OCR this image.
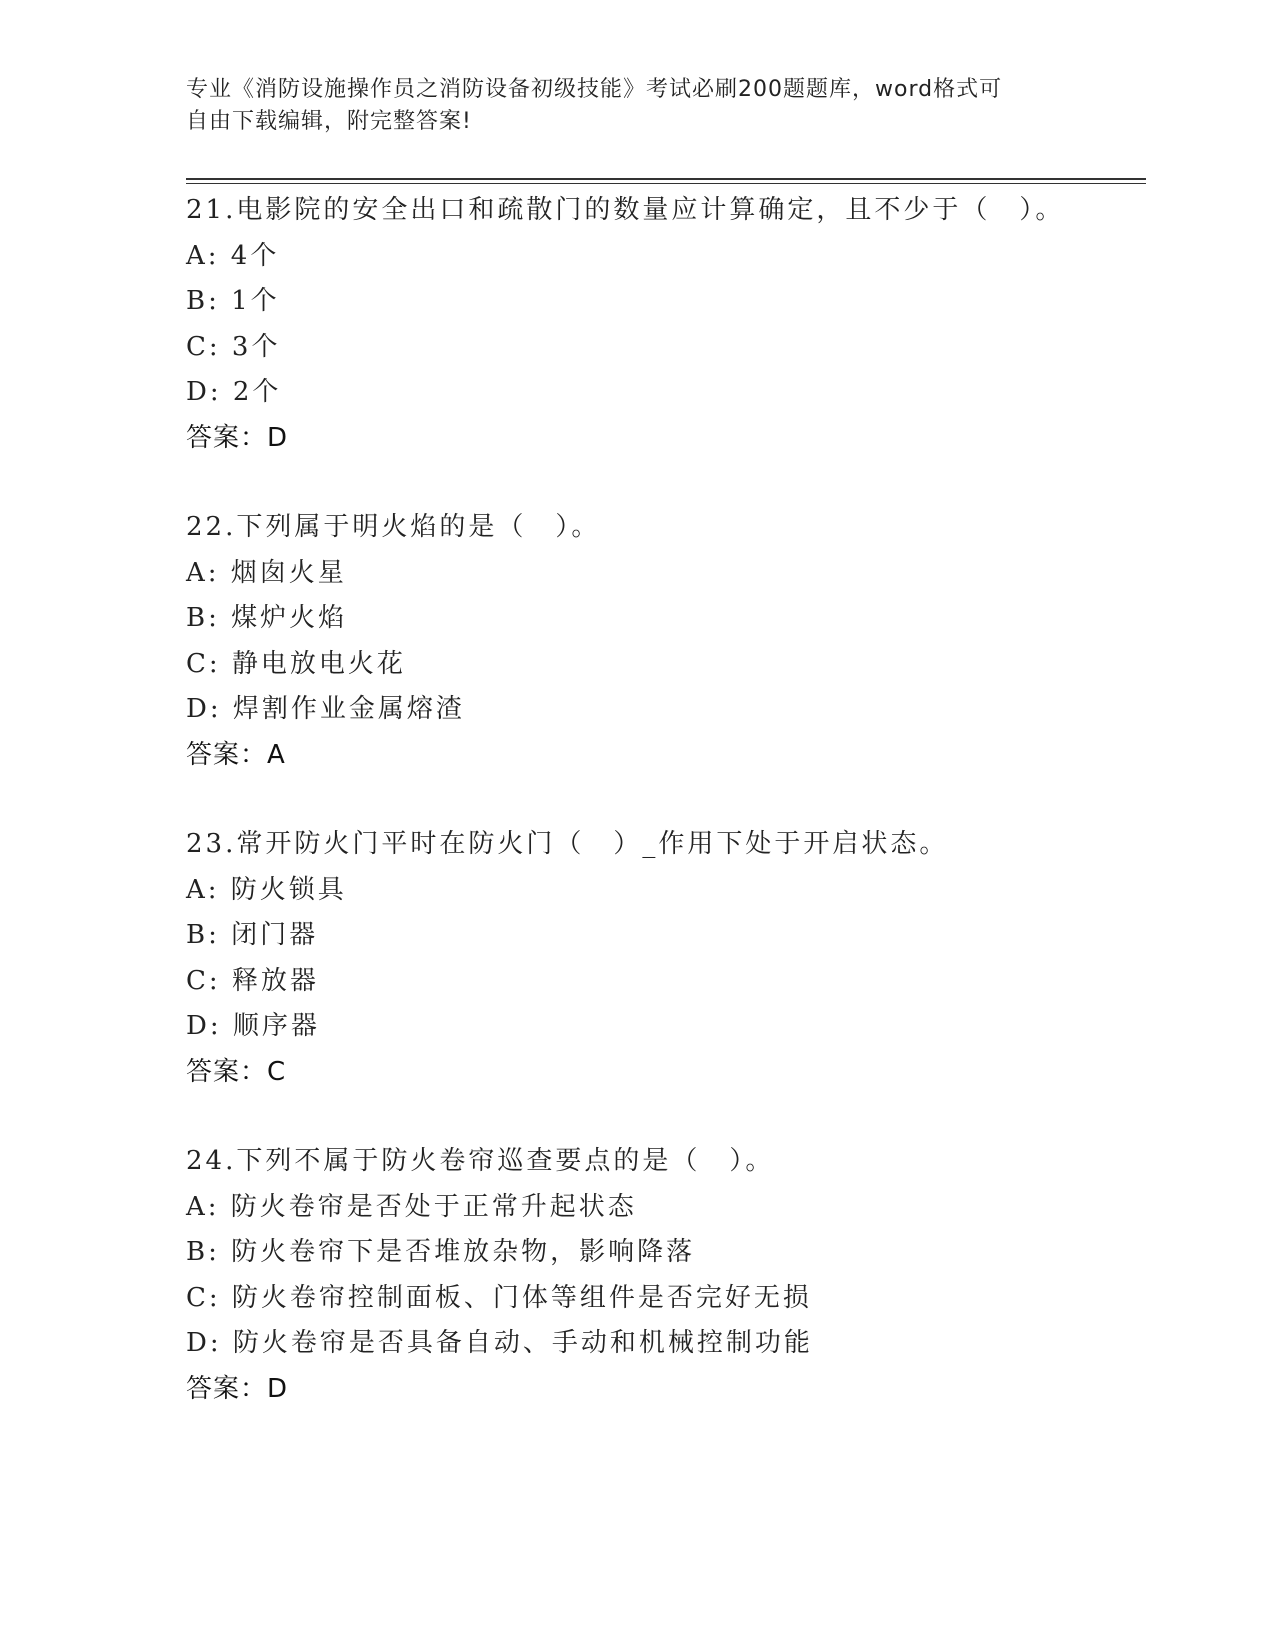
专业《消防设施操作员之消防设备初级技能》考试必刷200题题库，word格式可
自由下载编辑，附完整答案!
21.电影院的安全出口和疏散门的数量应计算确定，且不少于（　）。
A: 4个
B: 1个
C: 3个
D: 2个
答案：D
22.下列属于明火焰的是（　）。
A: 烟囱火星
B: 煤炉火焰
C: 静电放电火花
D: 焊割作业金属熔渣
答案：A
23.常开防火门平时在防火门（　）_作用下处于开启状态。
A: 防火锁具
B: 闭门器
C: 释放器
D: 顺序器
答案：C
24.下列不属于防火卷帘巡查要点的是（　）。
A: 防火卷帘是否处于正常升起状态
B: 防火卷帘下是否堆放杂物，影响降落
C: 防火卷帘控制面板、门体等组件是否完好无损
D: 防火卷帘是否具备自动、手动和机械控制功能
答案：D
